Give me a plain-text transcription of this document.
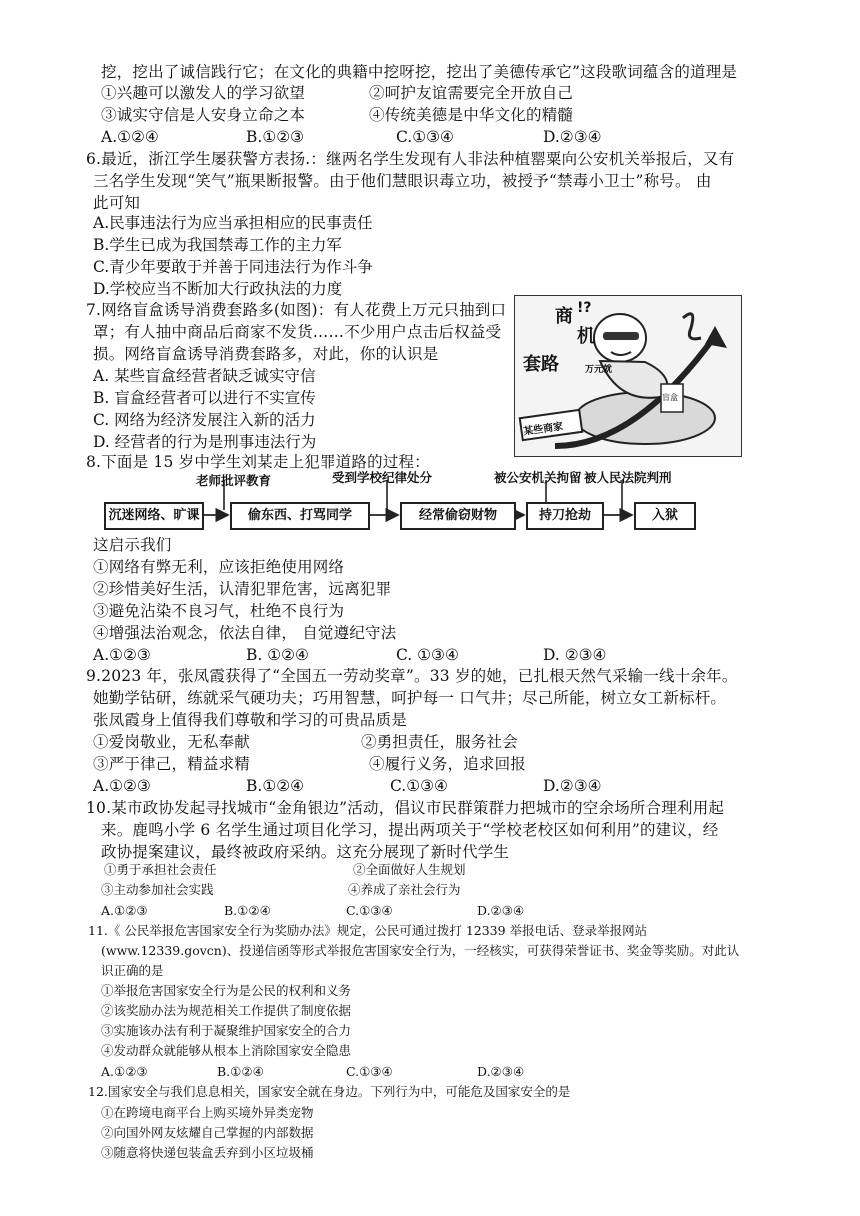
挖，挖出了诚信践行它；在文化的典籍中挖呀挖，挖出了美德传承它”这段歌词蕴含的道理是
①兴趣可以激发人的学习欲望	②呵护友谊需要完全开放自己
③诚实守信是人安身立命之本	④传统美德是中华文化的精髓
A.①②④	B.①②③	C.①③④	D.②③④
6.最近，浙江学生屡获警方表扬.：继两名学生发现有人非法种植罂粟向公安机关举报后，又有
三名学生发现“笑气”瓶果断报警。由于他们慧眼识毒立功，被授予“禁毒小卫士”称号。 由
此可知
A.民事违法行为应当承担相应的民事责任
B.学生已成为我国禁毒工作的主力军
C.青少年要敢于并善于同违法行为作斗争
D.学校应当不断加大行政执法的力度
7.网络盲盒诱导消费套路多(如图)：有人花费上万元只抽到口
罩；有人抽中商品后商家不发货……不少用户点击后权益受
损。网络盲盒诱导消费套路多，对此，你的认识是
A. 某些盲盒经营者缺乏诚实守信
B. 盲盒经营者可以进行不实宣传
C. 网络为经济发展注入新的活力
D. 经营者的行为是刑事违法行为
!?
商
机
套路	万元就
盲盒
某些商家
8.下面是 15 岁中学生刘某走上犯罪道路的过程：
老师批评教育	受到学校纪律处分	被公安机关拘留 被人民法院判刑
沉迷网络、旷课	偷东西、打骂同学	经常偷窃财物	持刀抢劫	入狱
这启示我们
①网络有弊无利，应该拒绝使用网络
②珍惜美好生活，认清犯罪危害，远离犯罪
③避免沾染不良习气，杜绝不良行为
④增强法治观念，依法自律， 自觉遵纪守法
A.①②③	B. ①②④	C. ①③④	D. ②③④
9.2023 年，张凤霞获得了“全国五一劳动奖章”。33 岁的她，已扎根天然气采输一线十余年。
她勤学钻研，练就采气硬功夫；巧用智慧，呵护每一 口气井；尽己所能，树立女工新标杆。
张凤霞身上值得我们尊敬和学习的可贵品质是
①爱岗敬业，无私奉献	②勇担责任，服务社会
③严于律己，精益求精	④履行义务，追求回报
A.①②③	B.①②④	C.①③④	D.②③④
10.某市政协发起寻找城市“金角银边”活动，倡议市民群策群力把城市的空余场所合理利用起
来。鹿鸣小学 6 名学生通过项目化学习，提出两项关于“学校老校区如何利用”的建议，经
政协提案建议，最终被政府采纳。这充分展现了新时代学生
①勇于承担社会责任	②全面做好人生规划
③主动参加社会实践	④养成了亲社会行为
A.①②③	B.①②④	C.①③④	D.②③④
11.《 公民举报危害国家安全行为奖励办法》规定，公民可通过拨打 12339 举报电话、登录举报网站
(www.12339.govcn)、投递信函等形式举报危害国家安全行为，一经核实，可获得荣誉证书、奖金等奖励。对此认
识正确的是
①举报危害国家安全行为是公民的权利和义务
②该奖励办法为规范相关工作提供了制度依据
③实施该办法有利于凝聚维护国家安全的合力
④发动群众就能够从根本上消除国家安全隐患
A.①②③	B.①②④	C.①③④	D.②③④
12.国家安全与我们息息相关，国家安全就在身边。下列行为中，可能危及国家安全的是
①在跨境电商平台上购买境外异类宠物
②向国外网友炫耀自己掌握的内部数据
③随意将快递包装盒丢弃到小区垃圾桶
